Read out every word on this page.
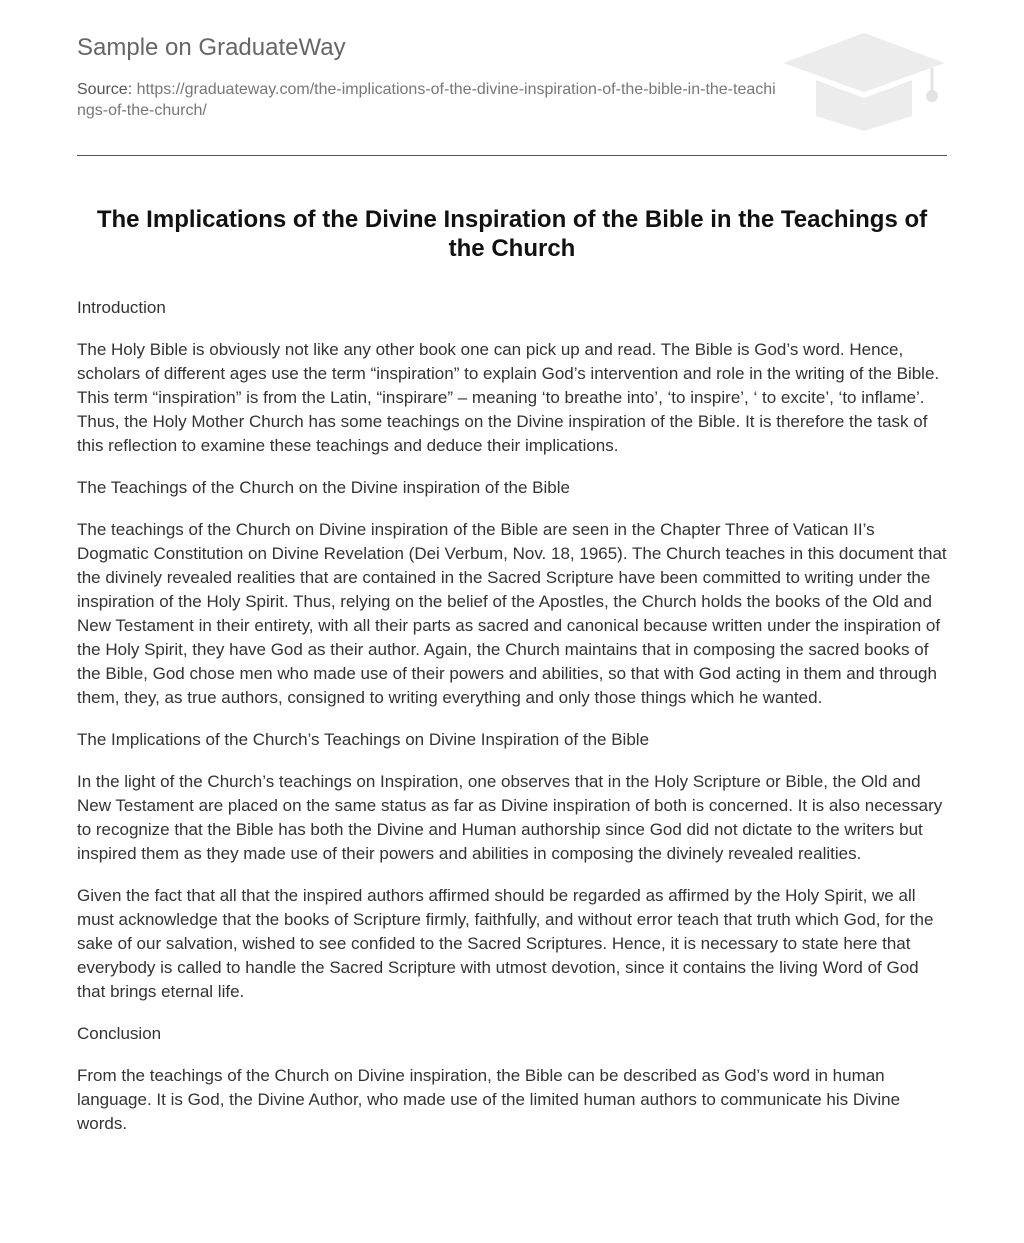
Sample on GraduateWay
Source: https://graduateway.com/the-implications-of-the-divine-inspiration-of-the-bible-in-the-teachings-of-the-church/
The Implications of the Divine Inspiration of the Bible in the Teachings of the Church

Introduction

The Holy Bible is obviously not like any other book one can pick up and read. The Bible is God’s word. Hence, scholars of different ages use the term “inspiration” to explain God’s intervention and role in the writing of the Bible. This term “inspiration” is from the Latin, “inspirare” – meaning ‘to breathe into’, ‘to inspire’, ‘ to excite’, ‘to inflame’. Thus, the Holy Mother Church has some teachings on the Divine inspiration of the Bible. It is therefore the task of this reflection to examine these teachings and deduce their implications.

The Teachings of the Church on the Divine inspiration of the Bible

The teachings of the Church on Divine inspiration of the Bible are seen in the Chapter Three of Vatican II’s Dogmatic Constitution on Divine Revelation (Dei Verbum, Nov. 18, 1965). The Church teaches in this document that the divinely revealed realities that are contained in the Sacred Scripture have been committed to writing under the inspiration of the Holy Spirit. Thus, relying on the belief of the Apostles, the Church holds the books of the Old and New Testament in their entirety, with all their parts as sacred and canonical because written under the inspiration of the Holy Spirit, they have God as their author. Again, the Church maintains that in composing the sacred books of the Bible, God chose men who made use of their powers and abilities, so that with God acting in them and through them, they, as true authors, consigned to writing everything and only those things which he wanted.

The Implications of the Church’s Teachings on Divine Inspiration of the Bible

In the light of the Church’s teachings on Inspiration, one observes that in the Holy Scripture or Bible, the Old and New Testament are placed on the same status as far as Divine inspiration of both is concerned. It is also necessary to recognize that the Bible has both the Divine and Human authorship since God did not dictate to the writers but inspired them as they made use of their powers and abilities in composing the divinely revealed realities.

Given the fact that all that the inspired authors affirmed should be regarded as affirmed by the Holy Spirit, we all must acknowledge that the books of Scripture firmly, faithfully, and without error teach that truth which God, for the sake of our salvation, wished to see confided to the Sacred Scriptures. Hence, it is necessary to state here that everybody is called to handle the Sacred Scripture with utmost devotion, since it contains the living Word of God that brings eternal life.

Conclusion

From the teachings of the Church on Divine inspiration, the Bible can be described as God’s word in human language. It is God, the Divine Author, who made use of the limited human authors to communicate his Divine words.
